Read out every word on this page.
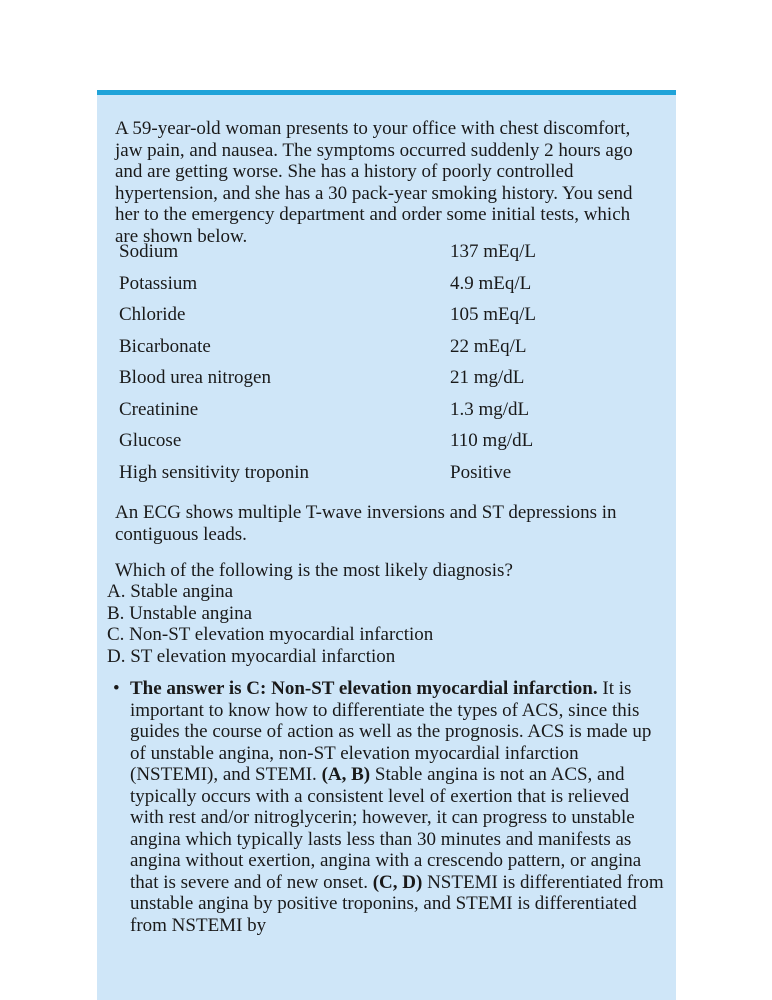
A 59-year-old woman presents to your office with chest discomfort, jaw pain, and nausea. The symptoms occurred suddenly 2 hours ago and are getting worse. She has a history of poorly controlled hypertension, and she has a 30 pack-year smoking history. You send her to the emergency department and order some initial tests, which are shown below.

Sodium	137 mEq/L
Potassium	4.9 mEq/L
Chloride	105 mEq/L
Bicarbonate	22 mEq/L
Blood urea nitrogen	21 mg/dL
Creatinine	1.3 mg/dL
Glucose	110 mg/dL
High sensitivity troponin	Positive

An ECG shows multiple T-wave inversions and ST depressions in contiguous leads.

Which of the following is the most likely diagnosis?

A. Stable angina
B. Unstable angina
C. Non-ST elevation myocardial infarction
D. ST elevation myocardial infarction
• The answer is C: Non-ST elevation myocardial infarction. It is important to know how to differentiate the types of ACS, since this guides the course of action as well as the prognosis. ACS is made up of unstable angina, non-ST elevation myocardial infarction (NSTEMI), and STEMI. (A, B) Stable angina is not an ACS, and typically occurs with a consistent level of exertion that is relieved with rest and/or nitroglycerin; however, it can progress to unstable angina which typically lasts less than 30 minutes and manifests as angina without exertion, angina with a crescendo pattern, or angina that is severe and of new onset. (C, D) NSTEMI is differentiated from unstable angina by positive troponins, and STEMI is differentiated from NSTEMI by
